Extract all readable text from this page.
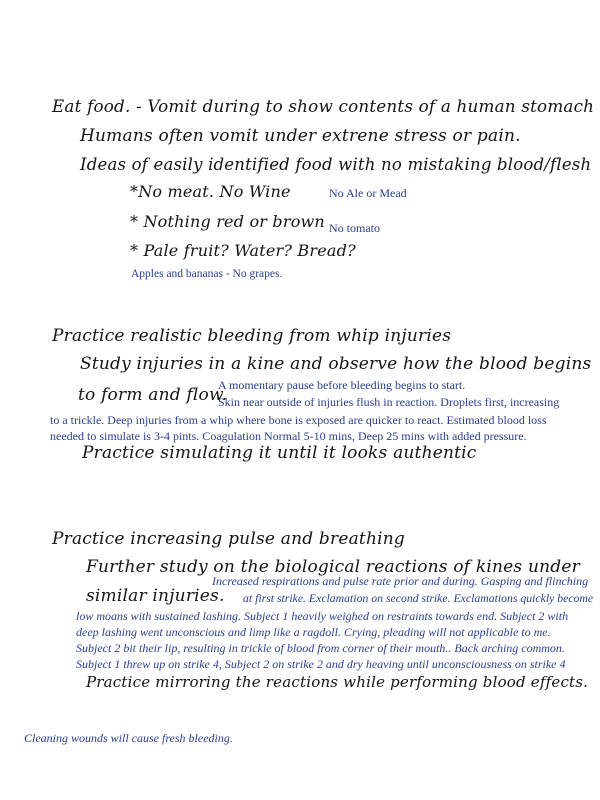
Eat food. - Vomit during to show contents of a human stomach
Humans often vomit under extrene stress or pain.
Ideas of easily identified food with no mistaking blood/flesh
*No meat. No Wine	No Ale or Mead
* Nothing red or brown No tomato
* Pale fruit? Water? Bread?
Apples and bananas - No grapes.
Practice realistic bleeding from whip injuries
Study injuries in a kine and observe how the blood begins
to form and flow.
A momentary pause before bleeding begins to start.
Skin near outside of injuries flush in reaction. Droplets first, increasing
to a trickle. Deep injuries from a whip where bone is exposed are quicker to react. Estimated blood loss
needed to simulate is 3-4 pints. Coagulation Normal 5-10 mins, Deep 25 mins with added pressure.
Practice simulating it until it looks authentic
Practice increasing pulse and breathing
Further study on the biological reactions of kines under
Increased respirations and pulse rate prior and during. Gasping and flinching
similar injuries. at first strike. Exclamation on second strike. Exclamations quickly become
low moans with sustained lashing. Subject 1 heavily weighed on restraints towards end. Subject 2 with
deep lashing went unconscious and limp like a ragdoll. Crying, pleading will not applicable to me.
Subject 2 bit their lip, resulting in trickle of blood from corner of their mouth.. Back arching common.
Subject 1 threw up on strike 4, Subject 2 on strike 2 and dry heaving until unconsciousness on strike 4
Practice mirroring the reactions while performing blood effects.
Cleaning wounds will cause fresh bleeding.
